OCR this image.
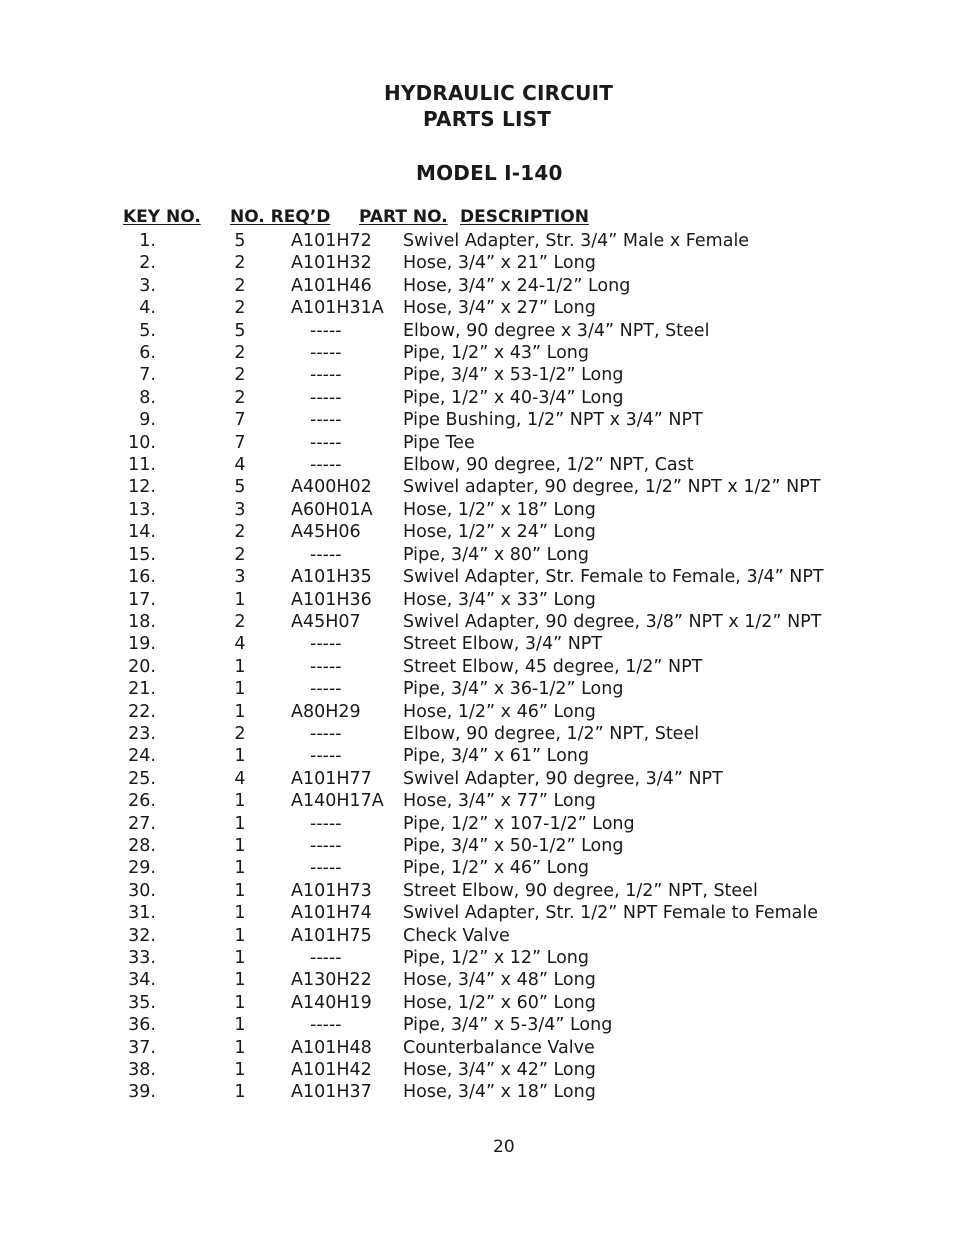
HYDRAULIC CIRCUIT
PARTS LIST
MODEL I-140
KEY NO. NO. REQ’D PART NO. DESCRIPTION
1.	5	A101H72 Swivel Adapter, Str. 3/4” Male x Female
2.	2	A101H32 Hose, 3/4” x 21” Long
3.	2	A101H46 Hose, 3/4” x 24-1/2” Long
4.	2	A101H31A Hose, 3/4” x 27” Long
5.	5	-----	Elbow, 90 degree x 3/4” NPT, Steel
6.	2	-----	Pipe, 1/2” x 43” Long
7.	2	-----	Pipe, 3/4” x 53-1/2” Long
8.	2	-----	Pipe, 1/2” x 40-3/4” Long
9.	7	-----	Pipe Bushing, 1/2” NPT x 3/4” NPT
10.	7	-----	Pipe Tee
11.	4	-----	Elbow, 90 degree, 1/2” NPT, Cast
12.	5	A400H02 Swivel adapter, 90 degree, 1/2” NPT x 1/2” NPT
13.	3	A60H01A Hose, 1/2” x 18” Long
14.	2	A45H06 Hose, 1/2” x 24” Long
15.	2	-----	Pipe, 3/4” x 80” Long
16.	3	A101H35 Swivel Adapter, Str. Female to Female, 3/4” NPT
17.	1	A101H36 Hose, 3/4” x 33” Long
18.	2	A45H07 Swivel Adapter, 90 degree, 3/8” NPT x 1/2” NPT
19.	4	-----	Street Elbow, 3/4” NPT
20.	1	-----	Street Elbow, 45 degree, 1/2” NPT
21.	1	-----	Pipe, 3/4” x 36-1/2” Long
22.	1	A80H29 Hose, 1/2” x 46” Long
23.	2	-----	Elbow, 90 degree, 1/2” NPT, Steel
24.	1	-----	Pipe, 3/4” x 61” Long
25.	4	A101H77 Swivel Adapter, 90 degree, 3/4” NPT
26.	1	A140H17A Hose, 3/4” x 77” Long
27.	1	-----	Pipe, 1/2” x 107-1/2” Long
28.	1	-----	Pipe, 3/4” x 50-1/2” Long
29.	1	-----	Pipe, 1/2” x 46” Long
30.	1	A101H73 Street Elbow, 90 degree, 1/2” NPT, Steel
31.	1	A101H74 Swivel Adapter, Str. 1/2” NPT Female to Female
32.	1	A101H75 Check Valve
33.	1	-----	Pipe, 1/2” x 12” Long
34.	1	A130H22 Hose, 3/4” x 48” Long
35.	1	A140H19 Hose, 1/2” x 60” Long
36.	1	-----	Pipe, 3/4” x 5-3/4” Long
37.	1	A101H48 Counterbalance Valve
38.	1	A101H42 Hose, 3/4” x 42” Long
39.	1	A101H37 Hose, 3/4” x 18” Long
20
